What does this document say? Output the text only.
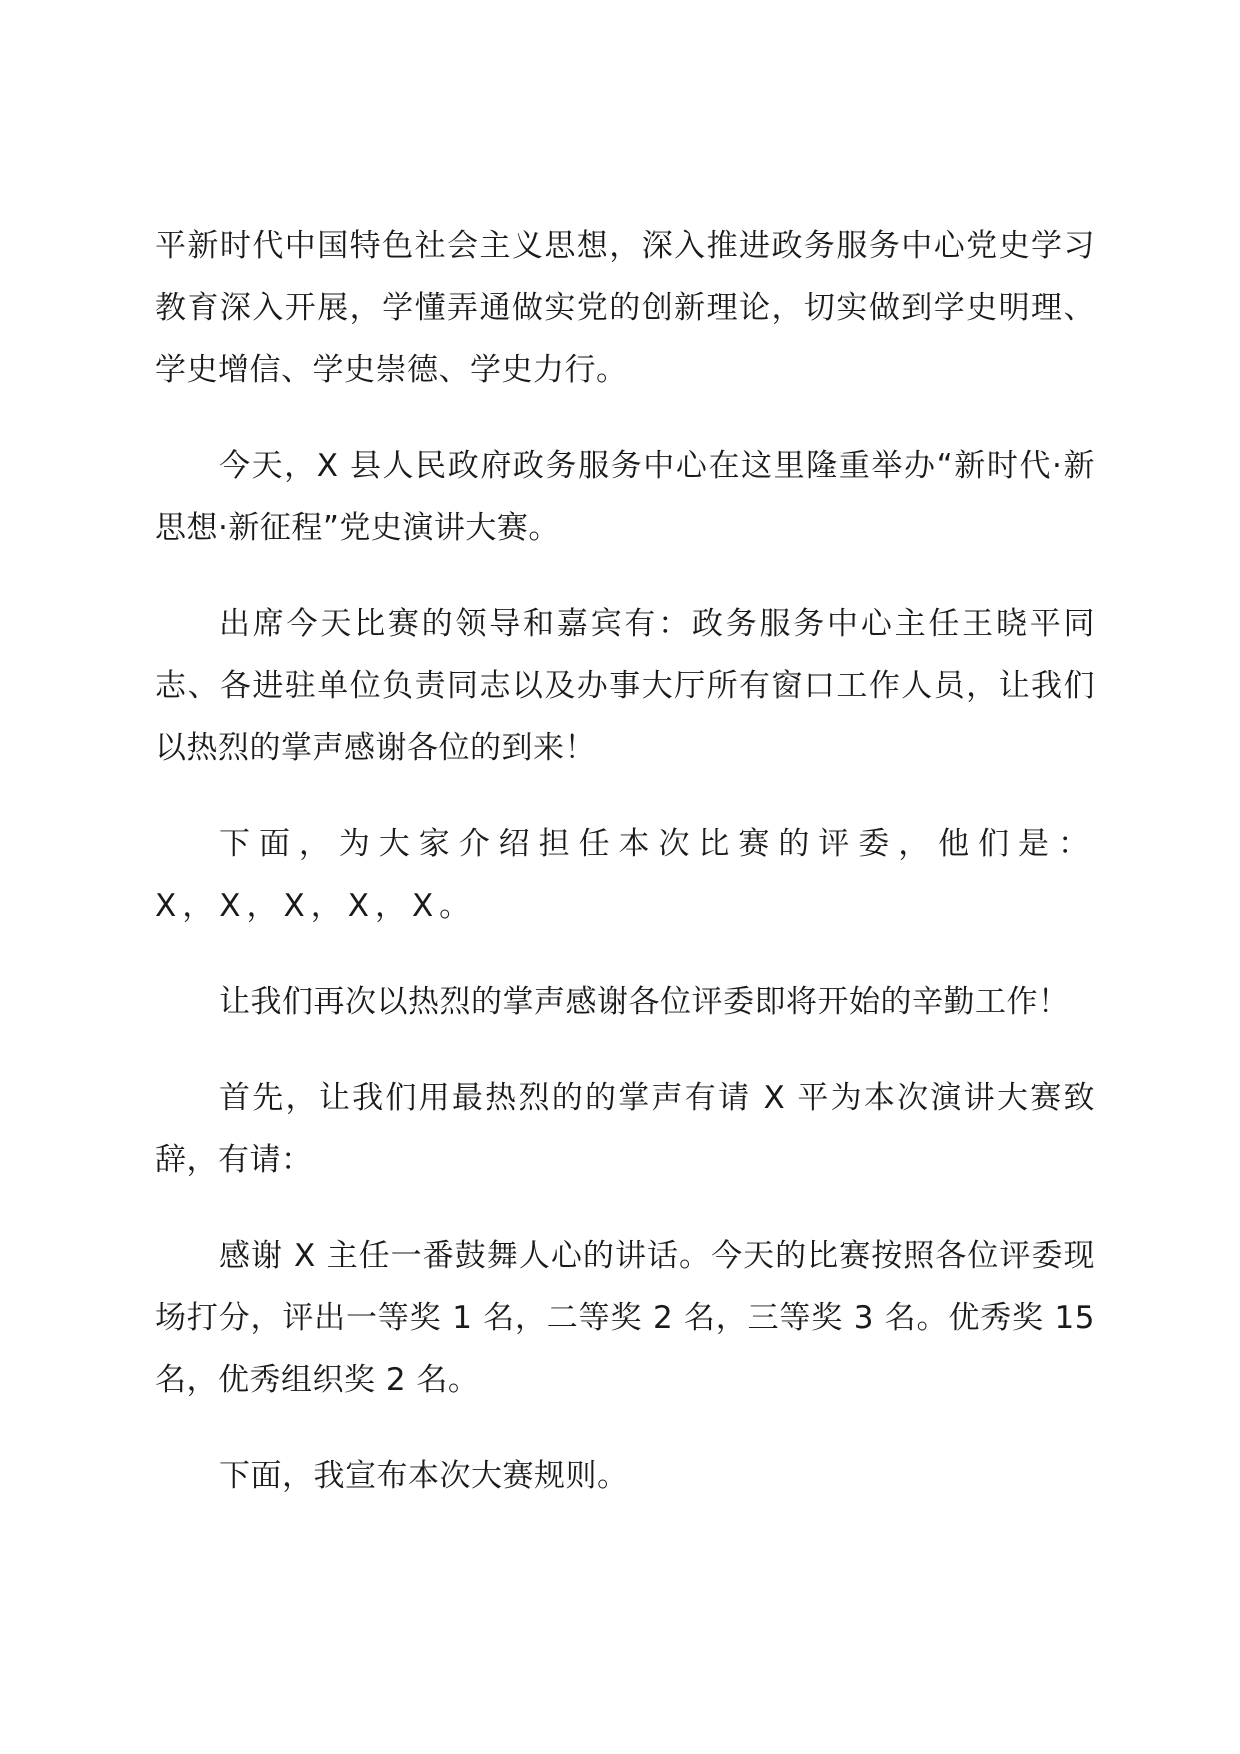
平新时代中国特色社会主义思想，深入推进政务服务中心党史学习教育深入开展，学懂弄通做实党的创新理论，切实做到学史明理、学史增信、学史崇德、学史力行。

今天，X 县人民政府政务服务中心在这里隆重举办“新时代·新思想·新征程”党史演讲大赛。

出席今天比赛的领导和嘉宾有：政务服务中心主任王晓平同志、各进驻单位负责同志以及办事大厅所有窗口工作人员，让我们以热烈的掌声感谢各位的到来！

下面，为大家介绍担任本次比赛的评委，他们是：X，X，X，X，X。

让我们再次以热烈的掌声感谢各位评委即将开始的辛勤工作！

首先，让我们用最热烈的的掌声有请 X 平为本次演讲大赛致辞，有请：

感谢 X 主任一番鼓舞人心的讲话。今天的比赛按照各位评委现场打分，评出一等奖 1 名，二等奖 2 名，三等奖 3 名。优秀奖 15 名，优秀组织奖 2 名。

下面，我宣布本次大赛规则。
